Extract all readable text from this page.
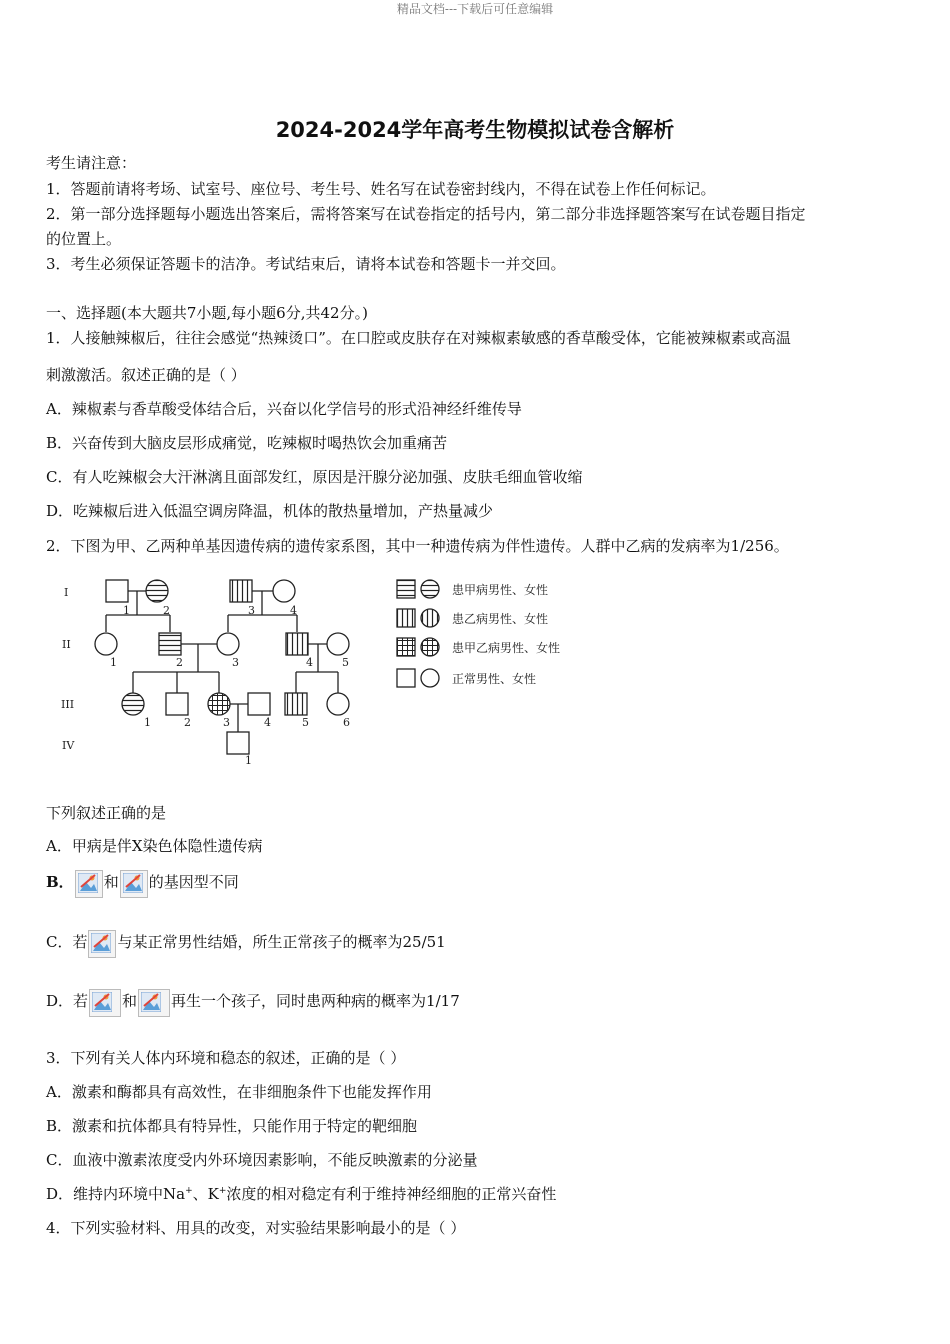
精品文档---下载后可任意编辑
2024-2024学年高考生物模拟试卷含解析
考生请注意：
1．答题前请将考场、试室号、座位号、考生号、姓名写在试卷密封线内，不得在试卷上作任何标记。
2．第一部分选择题每小题选出答案后，需将答案写在试卷指定的括号内，第二部分非选择题答案写在试卷题目指定
的位置上。
3．考生必须保证答题卡的洁净。考试结束后，请将本试卷和答题卡一并交回。
一、选择题(本大题共7小题,每小题6分,共42分。)
1．人接触辣椒后，往往会感觉“热辣烫口”。在口腔或皮肤存在对辣椒素敏感的香草酸受体，它能被辣椒素或高温
刺激激活。叙述正确的是（ ）
A．辣椒素与香草酸受体结合后，兴奋以化学信号的形式沿神经纤维传导
B．兴奋传到大脑皮层形成痛觉，吃辣椒时喝热饮会加重痛苦
C．有人吃辣椒会大汗淋漓且面部发红，原因是汗腺分泌加强、皮肤毛细血管收缩
D．吃辣椒后进入低温空调房降温，机体的散热量增加，产热量减少
2．下图为甲、乙两种单基因遗传病的遗传家系图，其中一种遗传病为伴性遗传。人群中乙病的发病率为1/256。
I
II
III
IV
1	2	3	4
1	2	3	4	5
1	2	3	4	5	6
1
患甲病男性、女性
患乙病男性、女性
患甲乙病男性、女性
正常男性、女性
下列叙述正确的是
A．甲病是伴X染色体隐性遗传病
B． 和 的基因型不同
C．若 与某正常男性结婚，所生正常孩子的概率为25/51
D．若 和 再生一个孩子，同时患两种病的概率为1/17
3．下列有关人体内环境和稳态的叙述，正确的是（ ）
A．激素和酶都具有高效性，在非细胞条件下也能发挥作用
B．激素和抗体都具有特异性，只能作用于特定的靶细胞
C．血液中激素浓度受内外环境因素影响，不能反映激素的分泌量
D．维持内环境中Na+、K+浓度的相对稳定有利于维持神经细胞的正常兴奋性
4．下列实验材料、用具的改变，对实验结果影响最小的是（ ）
